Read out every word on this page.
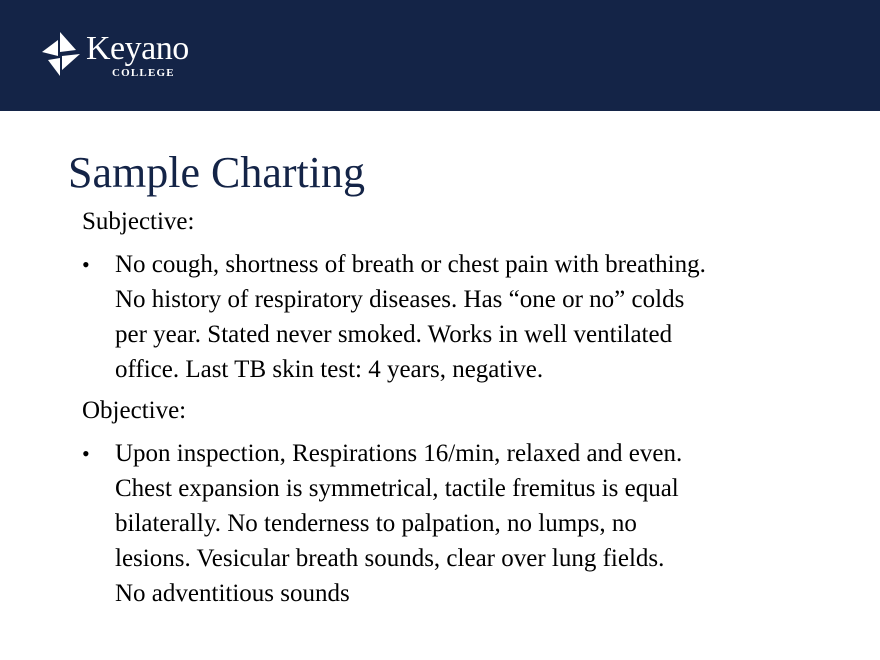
Keyano
COLLEGE
Sample Charting

Subjective:

•	No cough, shortness of breath or chest pain with breathing.
No history of respiratory diseases. Has “one or no” colds
per year. Stated never smoked. Works in well ventilated
office. Last TB skin test: 4 years, negative.

Objective:

•	Upon inspection, Respirations 16/min, relaxed and even.
Chest expansion is symmetrical, tactile fremitus is equal
bilaterally. No tenderness to palpation, no lumps, no
lesions. Vesicular breath sounds, clear over lung fields.
No adventitious sounds
